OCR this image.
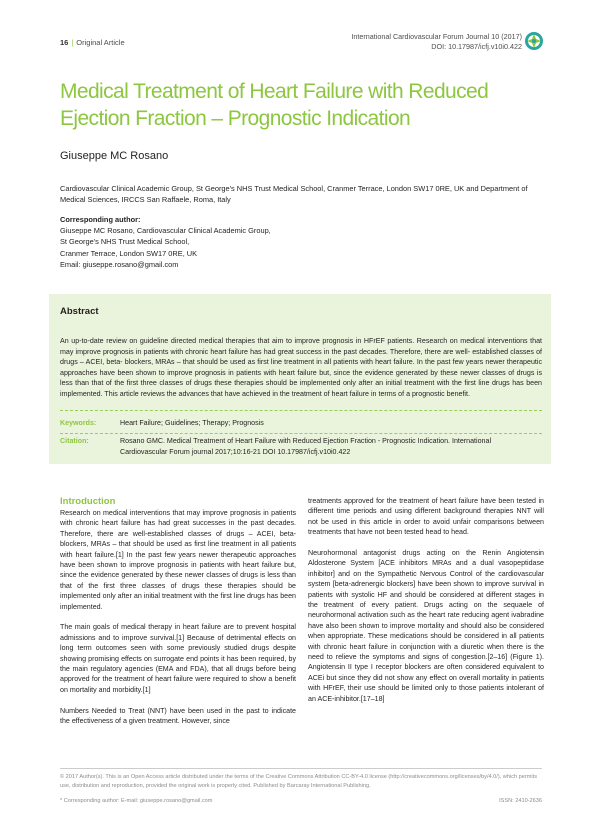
16 | Original Article
International Cardiovascular Forum Journal 10 (2017)
DOI: 10.17987/icfj.v10i0.422
Medical Treatment of Heart Failure with Reduced Ejection Fraction – Prognostic Indication
Giuseppe MC Rosano
Cardiovascular Clinical Academic Group, St George's NHS Trust Medical School, Cranmer Terrace, London SW17 0RE, UK and Department of Medical Sciences, IRCCS San Raffaele, Roma, Italy
Corresponding author:
Giuseppe MC Rosano, Cardiovascular Clinical Academic Group,
St George's NHS Trust Medical School,
Cranmer Terrace, London SW17 0RE, UK
Email: giuseppe.rosano@gmail.com
Abstract
An up-to-date review on guideline directed medical therapies that aim to improve prognosis in HFrEF patients. Research on medical interventions that may improve prognosis in patients with chronic heart failure has had great success in the past decades. Therefore, there are well- established classes of drugs – ACEI, beta- blockers, MRAs – that should be used as first line treatment in all patients with heart failure. In the past few years newer therapeutic approaches have been shown to improve prognosis in patients with heart failure but, since the evidence generated by these newer classes of drugs is less than that of the first three classes of drugs these therapies should be implemented only after an initial treatment with the first line drugs has been implemented. This article reviews the advances that have achieved in the treatment of heart failure in terms of a prognostic benefit.
Keywords:	Heart Failure; Guidelines; Therapy; Prognosis
Citation:	Rosano GMC. Medical Treatment of Heart Failure with Reduced Ejection Fraction - Prognostic Indication. International Cardiovascular Forum journal 2017;10:16-21 DOI 10.17987/icfj.v10i0.422
Introduction

Research on medical interventions that may improve prognosis in patients with chronic heart failure has had great successes in the past decades. Therefore, there are well-established classes of drugs – ACEI, beta-blockers, MRAs – that should be used as first line treatment in all patients with heart failure.[1] In the past few years newer therapeutic approaches have been shown to improve prognosis in patients with heart failure but, since the evidence generated by these newer classes of drugs is less than that of the first three classes of drugs these therapies should be implemented only after an initial treatment with the first line drugs has been implemented.

The main goals of medical therapy in heart failure are to prevent hospital admissions and to improve survival.[1] Because of detrimental effects on long term outcomes seen with some previously studied drugs despite showing promising effects on surrogate end points it has been required, by the main regulatory agencies (EMA and FDA), that all drugs before being approved for the treatment of heart failure were required to show a benefit on mortality and morbidity.[1]

Numbers Needed to Treat (NNT) have been used in the past to indicate the effectiveness of a given treatment. However, since

treatments approved for the treatment of heart failure have been tested in different time periods and using different background therapies NNT will not be used in this article in order to avoid unfair comparisons between treatments that have not been tested head to head.

Neurohormonal antagonist drugs acting on the Renin Angiotensin Aldosterone System [ACE inhibitors MRAs and a dual vasopeptidase inhibitor] and on the Sympathetic Nervous Control of the cardiovascular system [beta-adrenergic blockers] have been shown to improve survival in patients with systolic HF and should be considered at different stages in the treatment of every patient. Drugs acting on the sequaele of neurohormonal activation such as the heart rate reducing agent ivabradine have also been shown to improve mortality and should also be considered when appropriate. These medications should be considered in all patients with chronic heart failure in conjunction with a diuretic when there is the need to relieve the symptoms and signs of congestion.[2–16] (Figure 1). Angiotensin II type I receptor blockers are often considered equivalent to ACEi but since they did not show any effect on overall mortality in patients with HFrEF, their use should be limited only to those patients intolerant of an ACE-inhibitor.[17–18]

© 2017 Author(s). This is an Open Access article distributed under the terms of the Creative Commons Attribution CC-BY-4.0 license (http://creativecommons.org/licenses/by/4.0/), which permits use, distribution and reproduction, provided the original work is properly cited. Published by Barcaray International Publishing.
* Corresponding author: E-mail: giuseppe.rosano@gmail.com	ISSN: 2410-2636
